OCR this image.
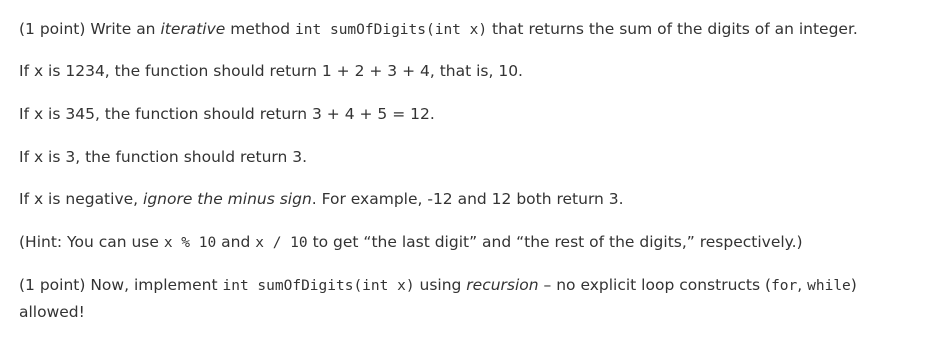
(1 point) Write an iterative method int sumOfDigits(int x) that returns the sum of the digits of an integer.

If x is 1234, the function should return 1 + 2 + 3 + 4, that is, 10.

If x is 345, the function should return 3 + 4 + 5 = 12.

If x is 3, the function should return 3.

If x is negative, ignore the minus sign. For example, -12 and 12 both return 3.

(Hint: You can use x % 10 and x / 10 to get “the last digit” and “the rest of the digits,” respectively.)

(1 point) Now, implement int sumOfDigits(int x) using recursion – no explicit loop constructs (for, while) allowed!
